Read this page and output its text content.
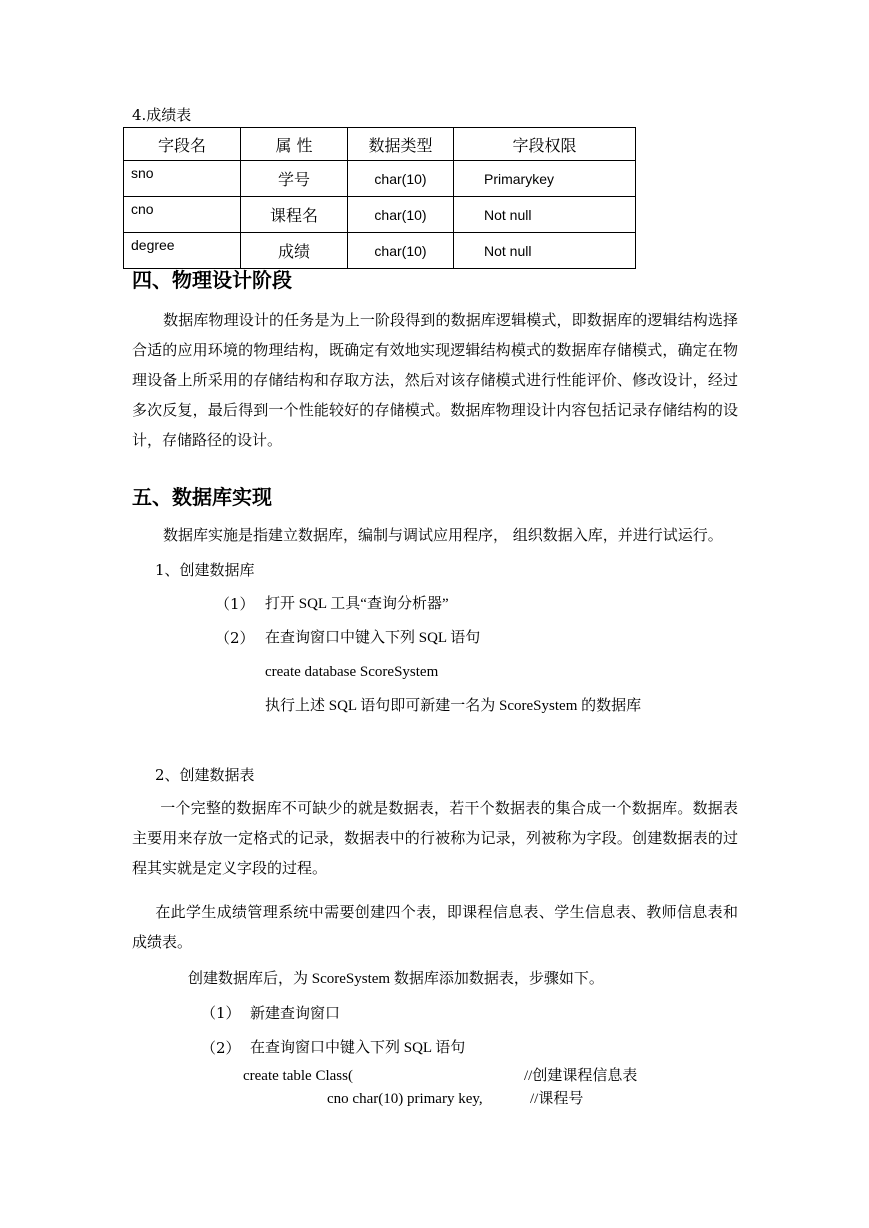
4.成绩表
字段名	属 性	数据类型	字段权限
sno	学号	char(10)	Primarykey
cno	课程名	char(10)	Not null
degree	成绩	char(10)	Not null
四、物理设计阶段
数据库物理设计的任务是为上一阶段得到的数据库逻辑模式，即数据库的逻辑结构选择合适的应用环境的物理结构，既确定有效地实现逻辑结构模式的数据库存储模式，确定在物理设备上所采用的存储结构和存取方法，然后对该存储模式进行性能评价、修改设计，经过多次反复，最后得到一个性能较好的存储模式。数据库物理设计内容包括记录存储结构的设计，存储路径的设计。
五、数据库实现
数据库实施是指建立数据库，编制与调试应用程序， 组织数据入库，并进行试运行。
1、创建数据库
（1） 打开 SQL 工具“查询分析器”
（2） 在查询窗口中键入下列 SQL 语句
create database ScoreSystem
执行上述 SQL 语句即可新建一名为 ScoreSystem 的数据库
2、创建数据表
一个完整的数据库不可缺少的就是数据表，若干个数据表的集合成一个数据库。数据表主要用来存放一定格式的记录，数据表中的行被称为记录，列被称为字段。创建数据表的过程其实就是定义字段的过程。
在此学生成绩管理系统中需要创建四个表，即课程信息表、学生信息表、教师信息表和成绩表。
创建数据库后，为 ScoreSystem 数据库添加数据表，步骤如下。
（1） 新建查询窗口
（2） 在查询窗口中键入下列 SQL 语句
create table Class(	//创建课程信息表
cno char(10) primary key,	//课程号
